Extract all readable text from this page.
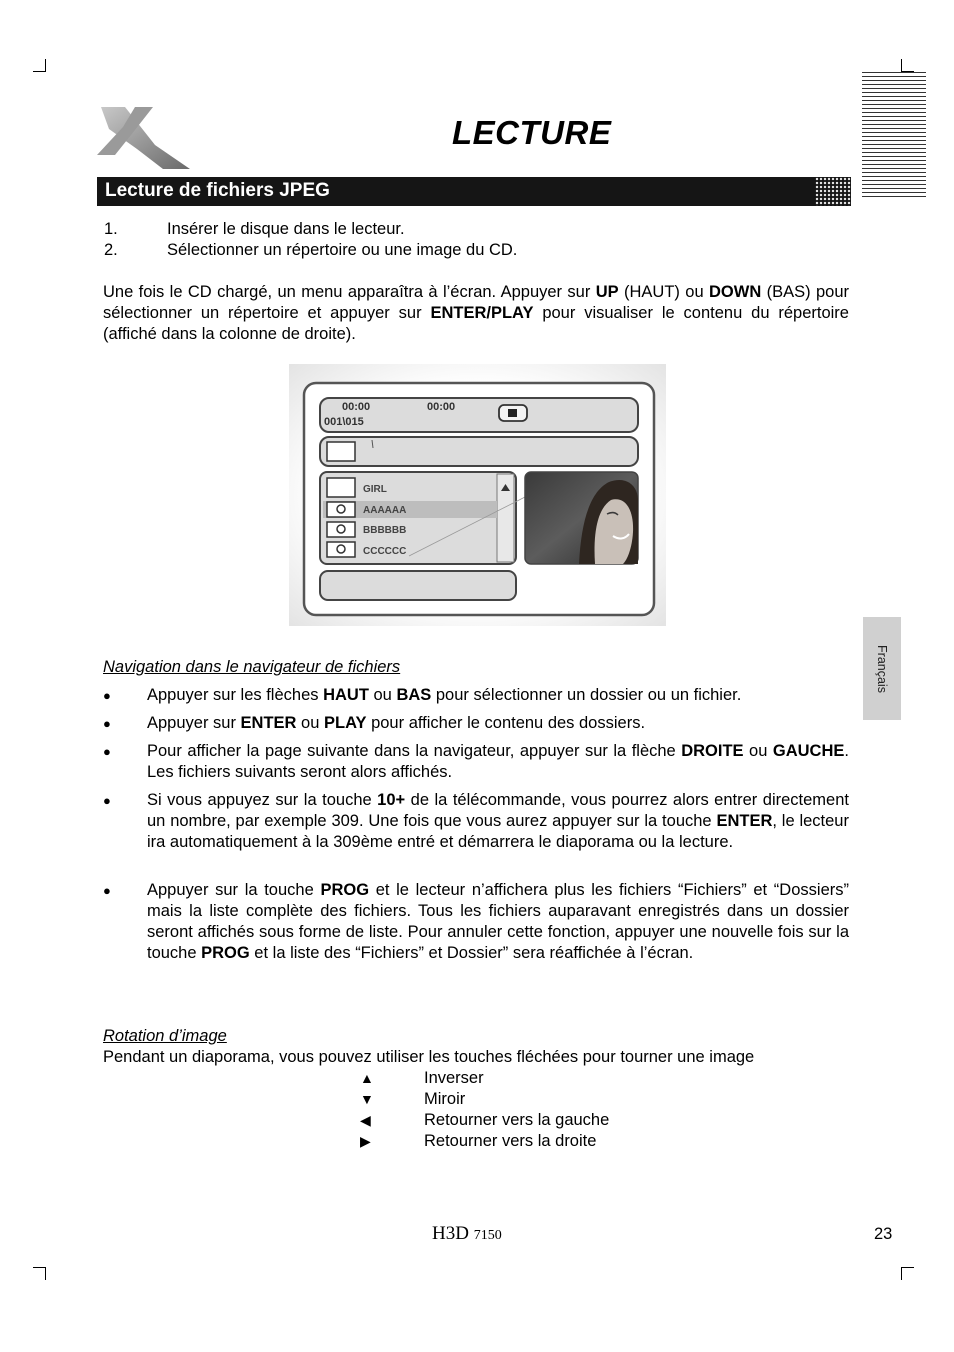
LECTURE
Lecture de fichiers JPEG
1.	Insérer le disque dans le lecteur.
2.	Sélectionner un répertoire ou une image du CD.
Une fois le CD chargé, un menu apparaîtra à l’écran. Appuyer sur UP (HAUT) ou DOWN (BAS) pour sélectionner un répertoire et appuyer sur ENTER/PLAY pour visualiser le contenu du répertoire (affiché dans la colonne de droite).
00:00	00:00
001\015
GIRL
AAAAAA
BBBBBB
CCCCCC
Navigation dans le navigateur de fichiers
● Appuyer sur les flèches HAUT ou BAS pour sélectionner un dossier ou un fichier.
● Appuyer sur ENTER ou PLAY pour afficher le contenu des dossiers.
● Pour afficher la page suivante dans la navigateur, appuyer sur la flèche DROITE ou GAUCHE. Les fichiers suivants seront alors affichés.
● Si vous appuyez sur la touche 10+ de la télécommande, vous pourrez alors entrer directement un nombre, par exemple 309. Une fois que vous aurez appuyer sur la touche ENTER, le lecteur ira automatiquement à la 309ème entré et démarrera le diaporama ou la lecture.
● Appuyer sur la touche PROG et le lecteur n’affichera plus les fichiers “Fichiers” et “Dossiers” mais la liste complète des fichiers. Tous les fichiers auparavant enregistrés dans un dossier seront affichés sous forme de liste. Pour annuler cette fonction, appuyer une nouvelle fois sur la touche PROG et la liste des “Fichiers” et Dossier” sera réaffichée à l’écran.
Rotation d’image
Pendant un diaporama, vous pouvez utiliser les touches fléchées pour tourner une image
▲	Inverser
▼	Miroir
◀	Retourner vers la gauche
▶	Retourner vers la droite
Français
H3D 7150	23
